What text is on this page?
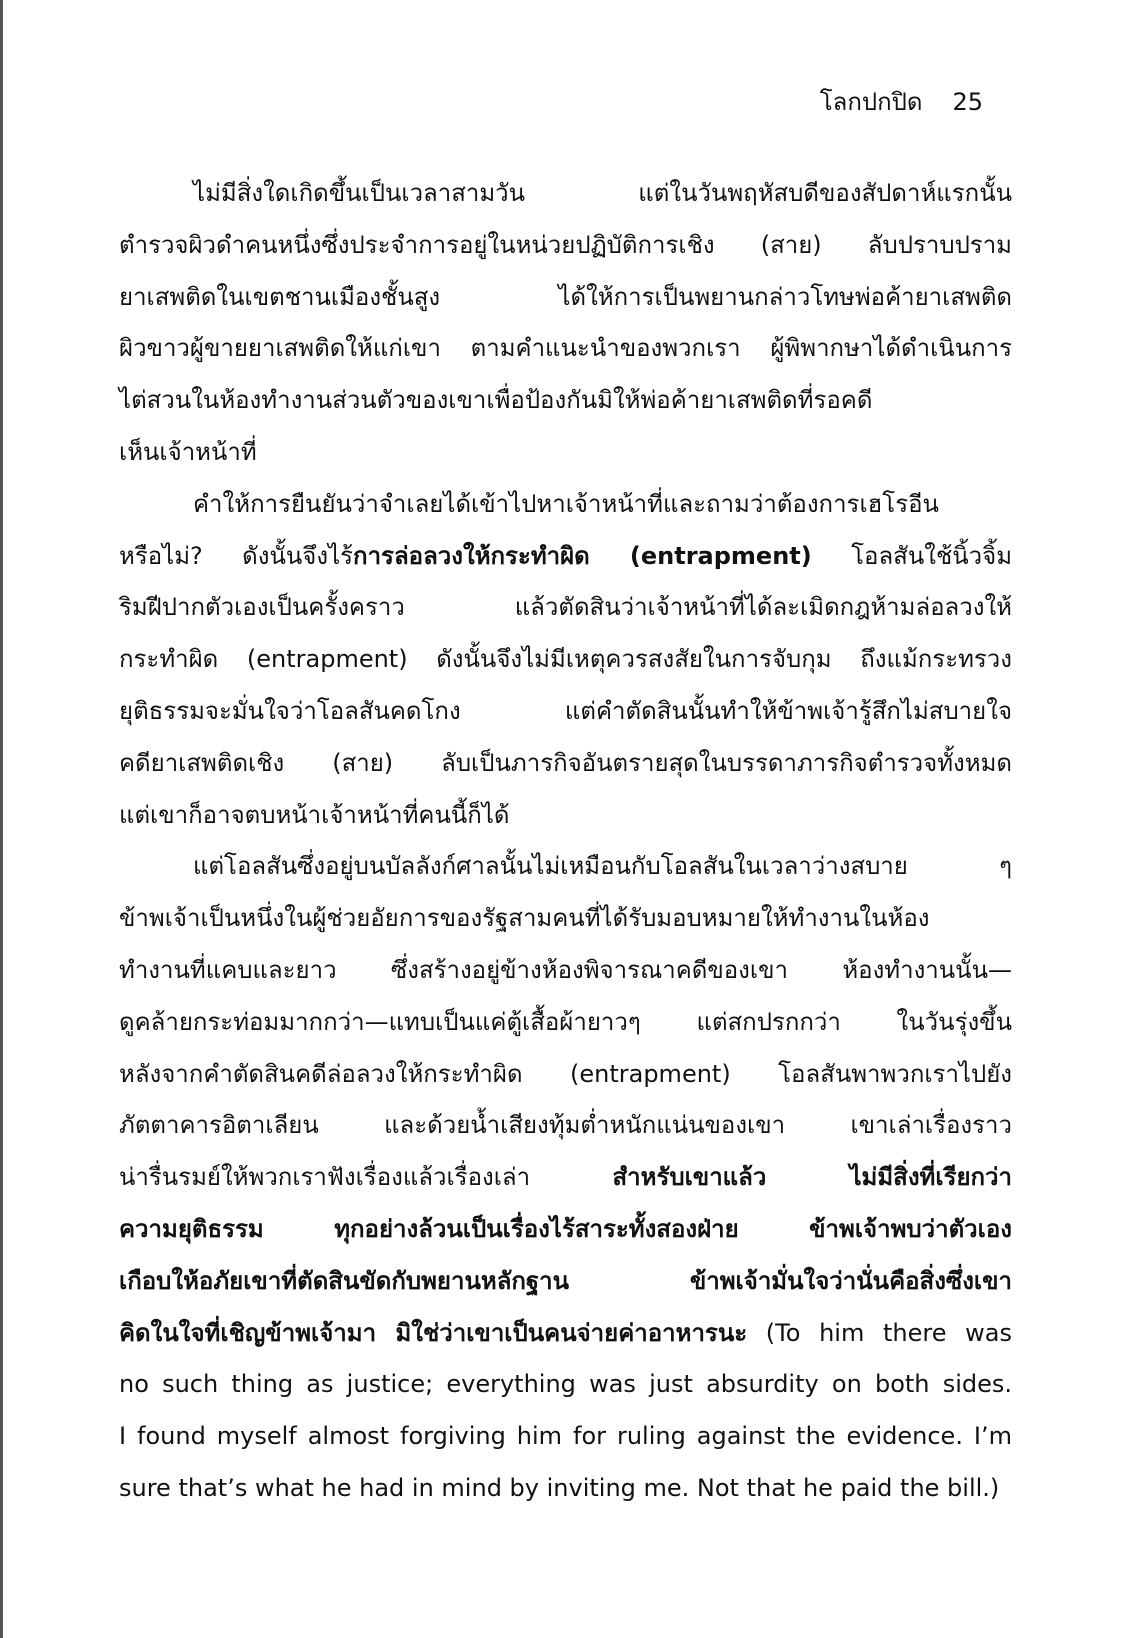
โลกปกปิด 25
ไม่มีสิ่งใดเกิดขึ้นเป็นเวลาสามวัน แต่ในวันพฤหัสบดีของสัปดาห์แรกนั้น
ตำรวจผิวดำคนหนึ่งซึ่งประจำการอยู่ในหน่วยปฏิบัติการเชิง (สาย) ลับปราบปราม
ยาเสพติดในเขตชานเมืองชั้นสูง ได้ให้การเป็นพยานกล่าวโทษพ่อค้ายาเสพติด
ผิวขาวผู้ขายยาเสพติดให้แก่เขา ตามคำแนะนำของพวกเรา ผู้พิพากษาได้ดำเนินการ
ไต่สวนในห้องทำงานส่วนตัวของเขาเพื่อป้องกันมิให้พ่อค้ายาเสพติดที่รอคดี
เห็นเจ้าหน้าที่
คำให้การยืนยันว่าจำเลยได้เข้าไปหาเจ้าหน้าที่และถามว่าต้องการเฮโรอีน
หรือไม่? ดังนั้นจึงไร้การล่อลวงให้กระทำผิด (entrapment) โอลสันใช้นิ้วจิ้ม
ริมฝีปากตัวเองเป็นครั้งคราว แล้วตัดสินว่าเจ้าหน้าที่ได้ละเมิดกฎห้ามล่อลวงให้
กระทำผิด (entrapment) ดังนั้นจึงไม่มีเหตุควรสงสัยในการจับกุม ถึงแม้กระทรวง
ยุติธรรมจะมั่นใจว่าโอลสันคดโกง แต่คำตัดสินนั้นทำให้ข้าพเจ้ารู้สึกไม่สบายใจ
คดียาเสพติดเชิง (สาย) ลับเป็นภารกิจอันตรายสุดในบรรดาภารกิจตำรวจทั้งหมด
แต่เขาก็อาจตบหน้าเจ้าหน้าที่คนนี้ก็ได้
แต่โอลสันซึ่งอยู่บนบัลลังก์ศาลนั้นไม่เหมือนกับโอลสันในเวลาว่างสบาย ๆ
ข้าพเจ้าเป็นหนึ่งในผู้ช่วยอัยการของรัฐสามคนที่ได้รับมอบหมายให้ทำงานในห้อง
ทำงานที่แคบและยาว ซึ่งสร้างอยู่ข้างห้องพิจารณาคดีของเขา ห้องทำงานนั้น—
ดูคล้ายกระท่อมมากกว่า—แทบเป็นแค่ตู้เสื้อผ้ายาวๆ แต่สกปรกกว่า ในวันรุ่งขึ้น
หลังจากคำตัดสินคดีล่อลวงให้กระทำผิด (entrapment) โอลสันพาพวกเราไปยัง
ภัตตาคารอิตาเลียน และด้วยน้ำเสียงทุ้มต่ำหนักแน่นของเขา เขาเล่าเรื่องราว
น่ารื่นรมย์ให้พวกเราฟังเรื่องแล้วเรื่องเล่า สำหรับเขาแล้ว ไม่มีสิ่งที่เรียกว่า
ความยุติธรรม ทุกอย่างล้วนเป็นเรื่องไร้สาระทั้งสองฝ่าย ข้าพเจ้าพบว่าตัวเอง
เกือบให้อภัยเขาที่ตัดสินขัดกับพยานหลักฐาน ข้าพเจ้ามั่นใจว่านั่นคือสิ่งซึ่งเขา
คิดในใจที่เชิญข้าพเจ้ามา มิใช่ว่าเขาเป็นคนจ่ายค่าอาหารนะ (To him there was
no such thing as justice; everything was just absurdity on both sides.
I found myself almost forgiving him for ruling against the evidence. I’m
sure that’s what he had in mind by inviting me. Not that he paid the bill.)
